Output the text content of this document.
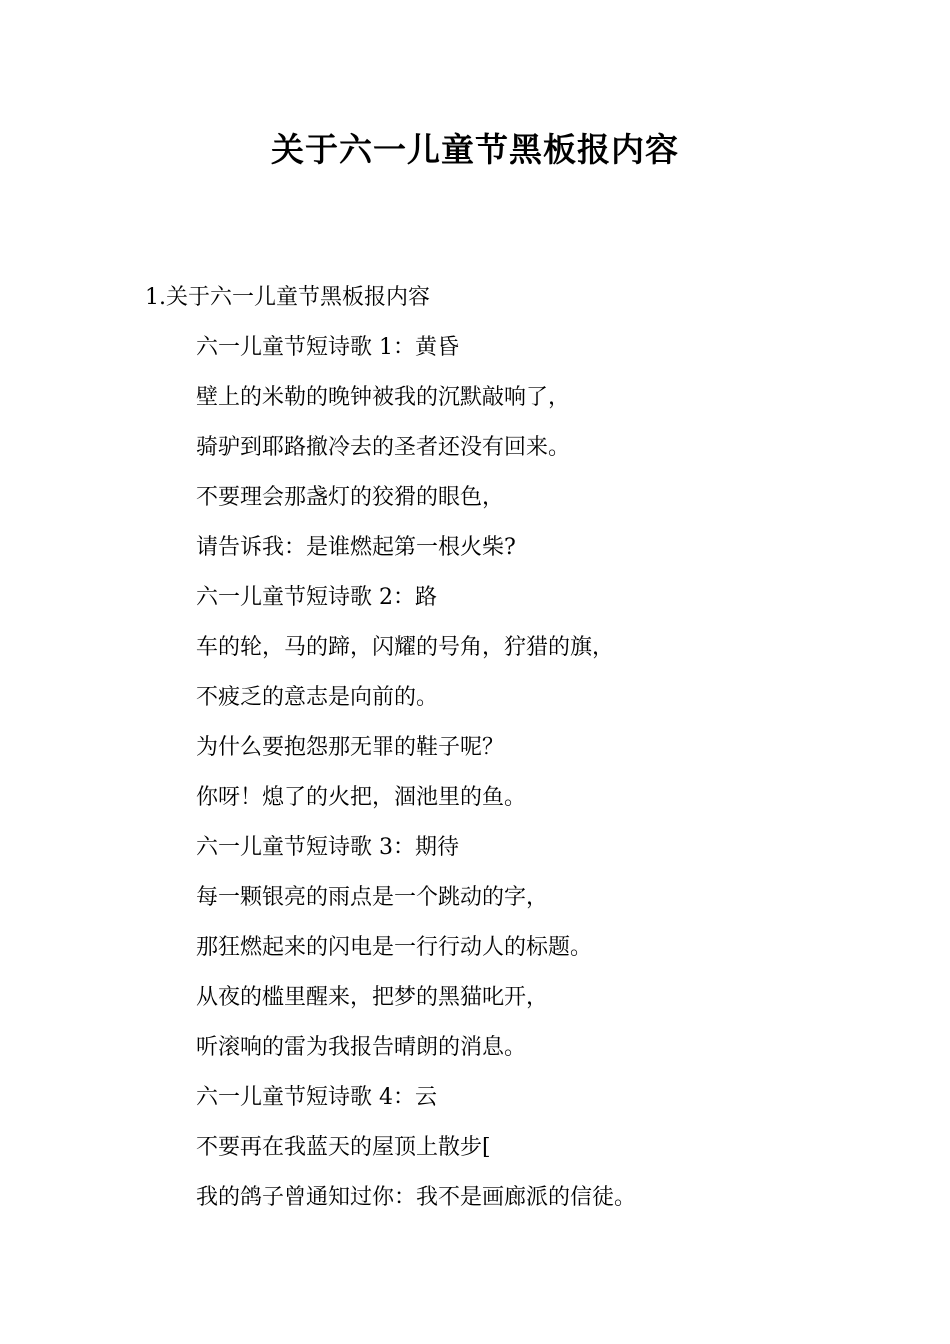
关于六一儿童节黑板报内容

1.关于六一儿童节黑板报内容

六一儿童节短诗歌 1：黄昏
壁上的米勒的晚钟被我的沉默敲响了，
骑驴到耶路撤冷去的圣者还没有回来。
不要理会那盏灯的狡猾的眼色，
请告诉我：是谁燃起第一根火柴?
六一儿童节短诗歌 2：路
车的轮，马的蹄，闪耀的号角，狞猎的旗，
不疲乏的意志是向前的。
为什么要抱怨那无罪的鞋子呢？
你呀！熄了的火把，涸池里的鱼。
六一儿童节短诗歌 3：期待
每一颗银亮的雨点是一个跳动的字，
那狂燃起来的闪电是一行行动人的标题。
从夜的槛里醒来，把梦的黑猫叱开，
听滚响的雷为我报告晴朗的消息。
六一儿童节短诗歌 4：云
不要再在我蓝天的屋顶上散步[
我的鸽子曾通知过你：我不是画廊派的信徒。
